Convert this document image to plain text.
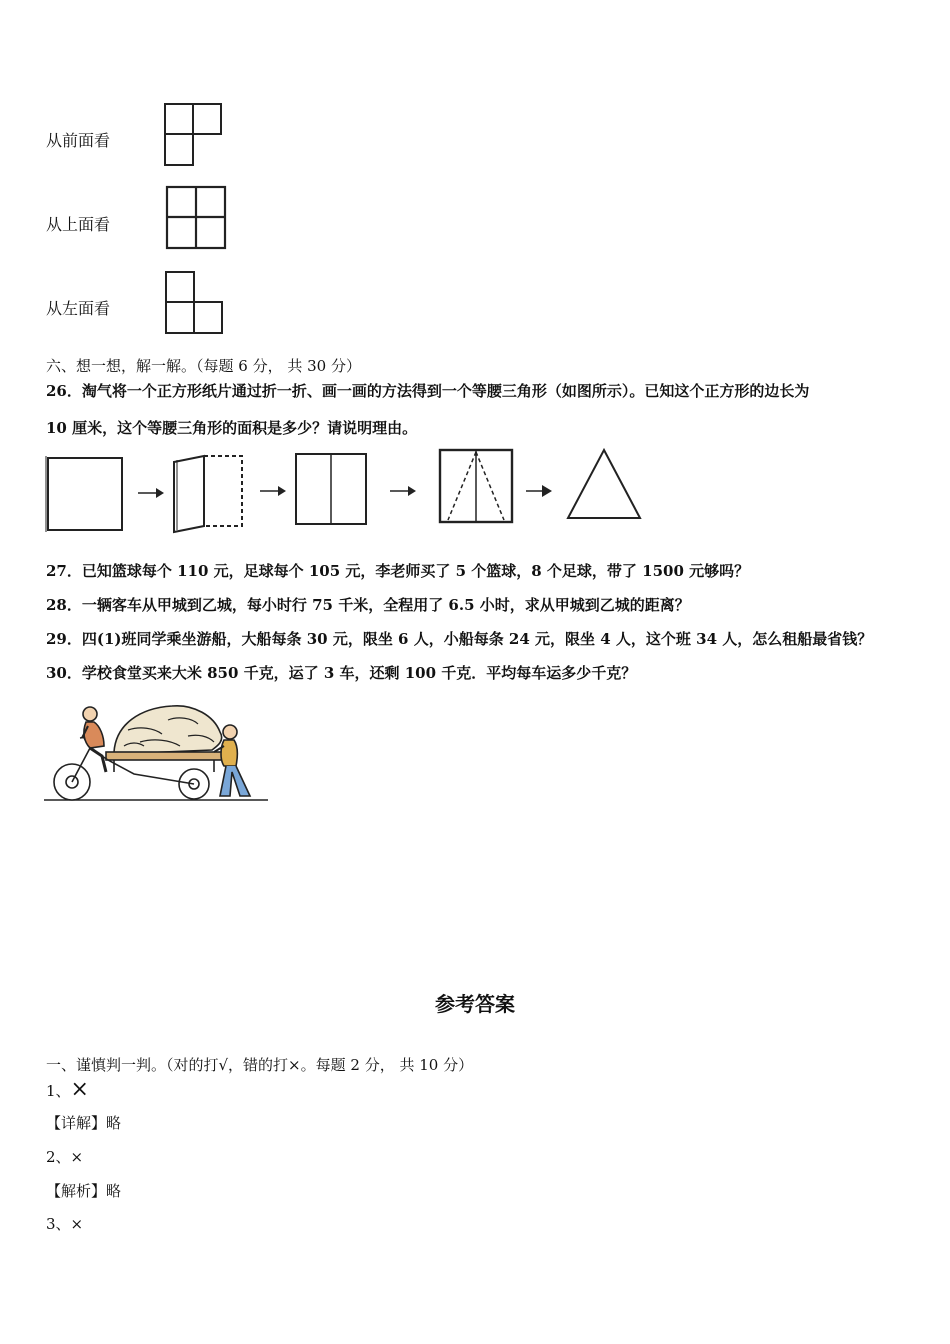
从前面看
从上面看
从左面看
六、想一想，解一解。（每题 6 分， 共 30 分）
26．淘气将一个正方形纸片通过折一折、画一画的方法得到一个等腰三角形（如图所示）。已知这个正方形的边长为
10 厘米，这个等腰三角形的面积是多少？请说明理由。
27．已知篮球每个 110 元，足球每个 105 元，李老师买了 5 个篮球，8 个足球，带了 1500 元够吗？
28．一辆客车从甲城到乙城，每小时行 75 千米，全程用了 6.5 小时，求从甲城到乙城的距离？
29．四(1)班同学乘坐游船，大船每条 30 元，限坐 6 人，小船每条 24 元，限坐 4 人，这个班 34 人，怎么租船最省钱？
30．学校食堂买来大米 850 千克，运了 3 车，还剩 100 千克．平均每车运多少千克？
参考答案
一、谨慎判一判。（对的打√，错的打×。每题 2 分， 共 10 分）
1、×
【详解】略
2、×
【解析】略
3、×
